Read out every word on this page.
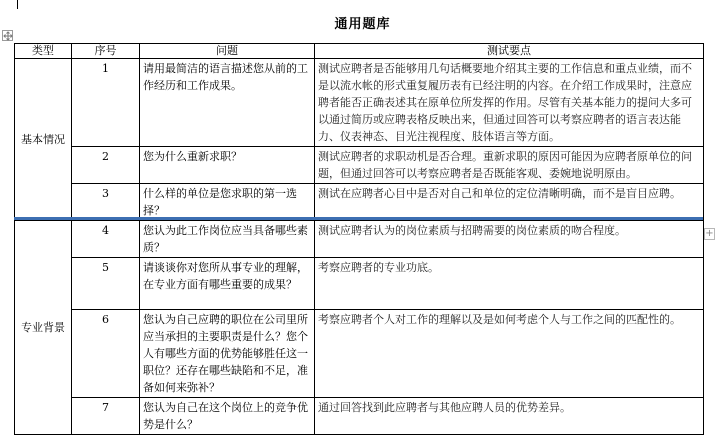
通用题库
类型	序号	问题	测试要点
基本情况	1	请用最简洁的语言描述您从前的工作经历和工作成果。	测试应聘者是否能够用几句话概要地介绍其主要的工作信息和重点业绩，而不是以流水帐的形式重复履历表有已经注明的内容。在介绍工作成果时，注意应聘者能否正确表述其在原单位所发挥的作用。尽管有关基本能力的提问大多可以通过简历或应聘表格反映出来，但通过回答可以考察应聘者的语言表达能力、仪表神态、目光注视程度、肢体语言等方面。
	2	您为什么重新求职？	测试应聘者的求职动机是否合理。重新求职的原因可能因为应聘者原单位的问题，但通过回答可以考察应聘者是否既能客观、委婉地说明原由。
	3	什么样的单位是您求职的第一选择？	测试在应聘者心目中是否对自己和单位的定位清晰明确，而不是盲目应聘。
专业背景	4	您认为此工作岗位应当具备哪些素质？	测试应聘者认为的岗位素质与招聘需要的岗位素质的吻合程度。
	5	请谈谈你对您所从事专业的理解，在专业方面有哪些重要的成果？	考察应聘者的专业功底。
	6	您认为自己应聘的职位在公司里所应当承担的主要职责是什么？您个人有哪些方面的优势能够胜任这一职位？还存在哪些缺陷和不足，准备如何来弥补？	考察应聘者个人对工作的理解以及是如何考虑个人与工作之间的匹配性的。
	7	您认为自己在这个岗位上的竞争优势是什么？	通过回答找到此应聘者与其他应聘人员的优势差异。
+
